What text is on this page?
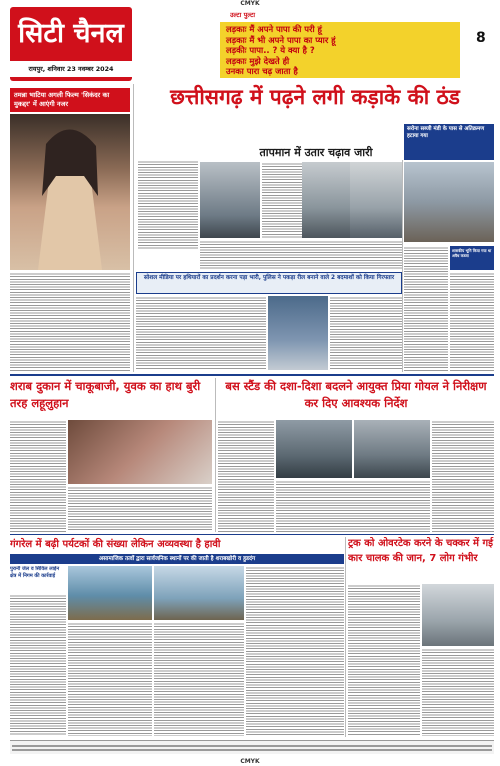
CMYK
CMYK
सिटी चैनल
रायपुर, शनिवार 23 नवम्बर 2024
उल्टा पुल्टा
लड़काः मैं अपने पापा की परी हूं
लड़काः मैं भी अपने पापा का प्यार हूं
लड़कीः पापा.. ? ये क्या है ?
लड़काः मुझे देखते ही
उनका पारा चढ़ जाता है
8
तमन्ना भाटिया अगली फिल्म 'सिकंदर का मुकद्दर' में आएंगी नजर	छत्तीसगढ़ में पढ़ने लगी कड़ाके की ठंड
तापमान में उतार चढ़ाव जारी
शासकीय भूमि किया गया था अवैध कब्जा
सोशल मीडिया पर हथियारों का प्रदर्शन करना पड़ा भारी, पुलिस ने पकड़ा रील बनाने वाले 2 बदमाशों को किया गिरफ्तार
शराब दुकान में चाकूबाजी, युवक का हाथ बुरी तरह लहूलुहान
बस स्टैंड की दशा-दिशा बदलने आयुक्त प्रिया गोयल ने निरीक्षण कर दिए आवश्यक निर्देश
गंगरेल में बढ़ी पर्यटकों की संख्या लेकिन अव्यवस्था है हावी
असामाजिक तत्वों द्वारा सार्वजनिक स्थानों पर की जाती है शराबखोरी व हुडदंग
पुरानी जेल व सिविल लाईन क्षेत्र में निगम की कार्रवाई
ट्रक को ओवरटेक करने के चक्कर में गई कार चालक की जान, 7 लोग गंभीर
सरोना सब्जी मंडी के पास से अतिक्रमण हटाया गया
